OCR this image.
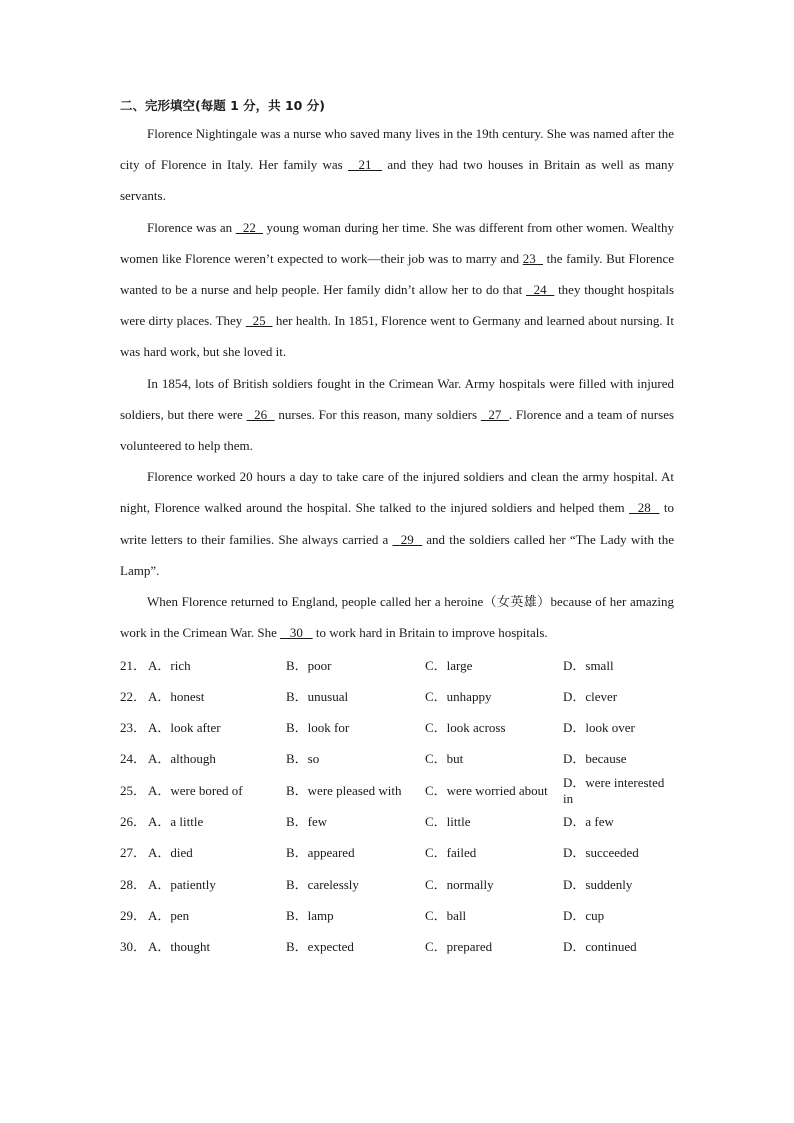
二、完形填空(每题 1 分，共 10 分)

Florence Nightingale was a nurse who saved many lives in the 19th century. She was named after the city of Florence in Italy. Her family was   21   and they had two houses in Britain as well as many servants.

Florence was an   22   young woman during her time. She was different from other women. Wealthy women like Florence weren’t expected to work—their job was to marry and 23   the family. But Florence wanted to be a nurse and help people. Her family didn’t allow her to do that   24   they thought hospitals were dirty places. They   25   her health. In 1851, Florence went to Germany and learned about nursing. It was hard work, but she loved it.

In 1854, lots of British soldiers fought in the Crimean War. Army hospitals were filled with injured soldiers, but there were   26   nurses. For this reason, many soldiers   27  . Florence and a team of nurses volunteered to help them.

Florence worked 20 hours a day to take care of the injured soldiers and clean the army hospital. At night, Florence walked around the hospital. She talked to the injured soldiers and helped them   28   to write letters to their families. She always carried a   29   and the soldiers called her “The Lady with the Lamp”.

When Florence returned to England, people called her a heroine（女英雄）because of her amazing work in the Crimean War. She    30    to work hard in Britain to improve hospitals.

21． A．rich	B．poor	C．large	D．small
22． A．honest	B．unusual	C．unhappy	D．clever
23． A．look after	B．look for	C．look across	D．look over
24． A．although	B．so	C．but	D．because
25． A．were bored of	B．were pleased with C．were worried about
D．were interested in
26． A．a little	B．few	C．little	D．a few
27． A．died	B．appeared	C．failed	D．succeeded
28． A．patiently	B．carelessly	C．normally	D．suddenly
29． A．pen	B．lamp	C．ball	D．cup
30． A．thought	B．expected	C．prepared	D．continued
